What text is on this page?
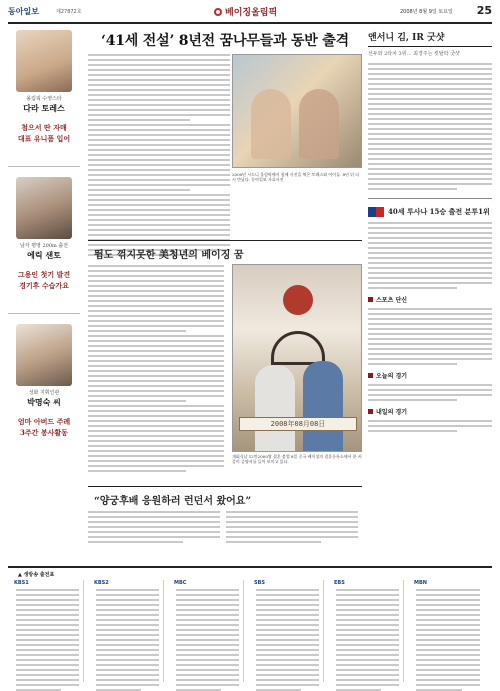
동아일보	제27872호	베이징올림픽	2008년 8월 9일 토요일 25
올림픽 수영스타
다라 토레스
첨으서 딴 자매
대표 유니폼 입어
남자 평영 200m 출전
에릭 샌토
그용인 첫기 발견
경기후 수습가요
성화 지휘인관
박명숙 씨
엄마 아버드 주례
3주간 봉사활동
‘41세 전설’ 8년전 꿈나무들과 동반 출격
2000년 시드니 올림픽에서 함께 사진을 찍은 토레스와 아이들. 8년 뒤 다시 만났다. 동아일보 자료사진
뜀도 꺾지못한 美청년의 베이징 꿈
2008年08月08日
개회식날 12만2000쌍 결혼 붐업 8일 중국 베이징의 결혼등록소에서 한 커플이 증명서를 들어 보이고 있다.
“양궁후배 응원하러 런던서 왔어요”
앤서니 김, IR 굿샷
선두와 2타차 3위… 최경주는 컷탈락 굿샷
40세 투사나 15승 출전 분투1위
스포츠 단신
오늘의 경기
내일의 경기
▲ 생방송 출전표
KBS1	KBS2	MBC	SBS	EBS	MBN
